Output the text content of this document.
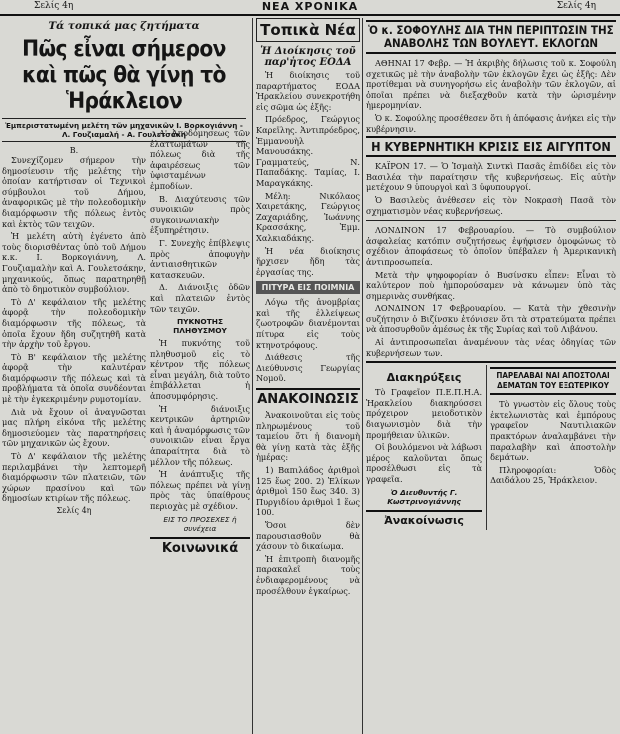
Σελίς 4η	ΝΕΑ ΧΡΟΝΙΚΑ	Σελίς 4η
Τά τοπικά μας ζητήματα
Πῶς εἶναι σήμερον καὶ πῶς θὰ γίνῃ τὸ Ἡράκλειον
Ἐμπεριστατωμένη μελέτη τῶν μηχανικῶν Ι. Βορκογιάννη - Λ. Γουζιαμαλή - Α. Γουλετσάκη
Β.

Συνεχίζομεν σήμερον τὴν δημοσίευσιν τῆς μελέτης τὴν ὁποίαν κατήρτισαν οἱ Τεχνικοὶ σύμβουλοι τοῦ Δήμου, ἀναφορικῶς μὲ τὴν πολεοδομικὴν διαμόρφωσιν τῆς πόλεως ἐντὸς καὶ ἐκτὸς τῶν τειχῶν.

Ἡ μελέτη αὐτὴ ἐγένετο ἀπὸ τοὺς διορισθέντας ὑπὸ τοῦ Δήμου κ.κ. Ι. Βορκογιάννη, Λ. Γουζιαμαλὴν καὶ Α. Γουλετσάκην, μηχανικούς, ὅπως παρατηρηθῇ ἀπὸ τὸ δημοτικὸν συμβούλιον.

Τὸ Δ' κεφάλαιον τῆς μελέτης ἀφορᾷ τὴν πολεοδομικὴν διαμόρφωσιν τῆς πόλεως, τὰ ὁποῖα ἔχουν ἤδη συζητηθῆ κατὰ τὴν ἀρχὴν τοῦ ἔργου.

Τὸ Β' κεφάλαιον τῆς μελέτης ἀφορᾷ τὴν καλυτέραν διαμόρφωσιν τῆς πόλεως καὶ τὰ προβλήματα τὰ ὁποῖα συνδέονται μὲ τὴν ἐγκεκριμένην ρυμοτομίαν.

Διὰ νὰ ἔχουν οἱ ἀναγνῶσται μας πλήρη εἰκόνα τῆς μελέτης δημοσιεύομεν τὰς παρατηρήσεις τῶν μηχανικῶν ὡς ἔχουν.

Τὸ Δ' κεφάλαιον τῆς μελέτης περιλαμβάνει τὴν λεπτομερῆ διαμόρφωσιν τῶν πλατειῶν, τῶν χώρων πρασίνου καὶ τῶν δημοσίων κτιρίων τῆς πόλεως.

Σελίς 4η

Α' Ἀποδόμησεως τῶν ἐλαττωμάτων τῆς πόλεως διὰ τῆς ἀφαιρέσεως τῶν ὑφισταμένων ἐμποδίων.

Β. Διαχύτευσις τῶν συνοικιῶν πρὸς συγκοινωνιακὴν ἐξυπηρέτησιν.

Γ. Συνεχὴς ἐπίβλεψις πρὸς ἀποφυγὴν ἀντιαισθητικῶν κατασκευῶν.

Δ. Διάνοιξις ὁδῶν καὶ πλατειῶν ἐντὸς τῶν τειχῶν.

ΠΥΚΝΟΤΗΣ ΠΛΗΘΥΣΜΟΥ

Ἡ πυκνότης τοῦ πληθυσμοῦ εἰς τὸ κέντρον τῆς πόλεως εἶναι μεγάλη, διὰ τοῦτο ἐπιβάλλεται ἡ ἀποσυμφόρησις.

Ἡ διάνοιξις κεντρικῶν ἀρτηριῶν καὶ ἡ ἀναμόρφωσις τῶν συνοικιῶν εἶναι ἔργα ἀπαραίτητα διὰ τὸ μέλλον τῆς πόλεως.

Ἡ ἀνάπτυξις τῆς πόλεως πρέπει νὰ γίνῃ πρὸς τὰς ὑπαίθρους περιοχὰς μὲ σχέδιον.

ΕΙΣ ΤΟ ΠΡΟΣΕΧΕΣ ἡ συνέχεια
Κοινωνικά
Τοπικὰ Νέα
Ἡ Διοίκησις τοῦ παρ'ἡτος ΕΟΔΑ

Ἡ διοίκησις τοῦ παραρτήματος ΕΟΔΑ Ἡρακλείου συνεκροτήθη εἰς σῶμα ὡς ἑξῆς:

Πρόεδρος, Γεώργιος Καρεϊλης. Ἀντιπρόεδρος, Ἐμμανουὴλ Μανουσάκης. Γραμματεύς, Ν. Παπαδάκης. Ταμίας, Ι. Μαραγκάκης.

Μέλη: Νικόλαος Χαιρετάκης, Γεώργιος Ζαχαριάδης, Ἰωάννης Κρασσάκης, Ἐμμ. Χαλκιαδάκης.

Ἡ νέα διοίκησις ἤρχισεν ἤδη τὰς ἐργασίας της.

ΠΙΤΥΡΑ ΕΙΣ ΠΟΙΜΝΙΑ

Λόγω τῆς ἀνομβρίας καὶ τῆς ἐλλείψεως ζωοτροφῶν διανέμονται πίτυρα εἰς τοὺς κτηνοτρόφους.

Διάθεσις τῆς Διεύθυνσις Γεωργίας Νομοῦ.

ΑΝΑΚΟΙΝΩΣΙΣ

Ἀνακοινοῦται εἰς τοὺς πληρωμένους τοῦ ταμείου ὅτι ἡ διανομὴ θὰ γίνῃ κατὰ τὰς ἑξῆς ἡμέρας:

1) Βαπιλάδος ἀριθμοὶ 125 ἕως 200. 2) Ἐλίκων ἀριθμοὶ 150 ἕως 340. 3) Πυργιδίου ἀριθμοὶ 1 ἕως 100.

Ὅσοι δὲν παρουσιασθοῦν θὰ χάσουν τὸ δικαίωμα.

Ἡ ἐπιτροπὴ διανομῆς παρακαλεῖ τοὺς ἐνδιαφερομένους νὰ προσέλθουν ἐγκαίρως.

Ὁ κ. ΣΟΦΟΥΛΗΣ ΔΙΑ ΤΗΝ ΠΕΡΙΠΤΩΣΙΝ ΤΗΣ ΑΝΑΒΟΛΗΣ ΤΩΝ ΒΟΥΛΕΥΤ. ΕΚΛΟΓΩΝ

ΑΘΗΝΑΙ 17 Φεβρ. — Ἡ ἀκριβὴς δήλωσις τοῦ κ. Σοφούλη σχετικῶς μὲ τὴν ἀναβολὴν τῶν ἐκλογῶν ἔχει ὡς ἑξῆς: Δὲν προτίθεμαι νὰ συνηγορήσω εἰς ἀναβολὴν τῶν ἐκλογῶν, αἱ ὁποῖαι πρέπει νὰ διεξαχθοῦν κατὰ τὴν ὡρισμένην ἡμερομηνίαν.

Ὁ κ. Σοφούλης προσέθεσεν ὅτι ἡ ἀπόφασις ἀνήκει εἰς τὴν κυβέρνησιν.

Η ΚΥΒΕΡΝΗΤΙΚΗ ΚΡΙΣΙΣ ΕΙΣ ΑΙΓΥΠΤΟΝ

ΚΑΪΡΟΝ 17. — Ὁ Ἰσμαὴλ Σιντκὶ Πασᾶς ἐπιδίδει εἰς τὸν Βασιλέα τὴν παραίτησιν τῆς κυβερνήσεως. Εἰς αὐτὴν μετέχουν 9 ὑπουργοὶ καὶ 3 ὑφυπουργοί.

Ὁ Βασιλεὺς ἀνέθεσεν εἰς τὸν Νοκρασὴ Πασᾶ τὸν σχηματισμὸν νέας κυβερνήσεως.

ΛΟΝΔΙΝΟΝ 17 Φεβρουαρίου. — Τὸ συμβούλιον ἀσφαλείας κατόπιν συζητήσεως ἐψήφισεν ὁμοφώνως τὸ σχέδιον ἀποφάσεως τὸ ὁποῖον ὑπέβαλεν ἡ Ἀμερικανικὴ ἀντιπροσωπεία.

Μετὰ τὴν ψηφοφορίαν ὁ Βυσίνσκυ εἶπεν: Εἶναι τὸ καλύτερον ποὺ ἠμπορούσαμεν νὰ κάνωμεν ὑπὸ τὰς σημερινὰς συνθήκας.

ΛΟΝΔΙΝΟΝ 17 Φεβρουαρίου. — Κατὰ τὴν χθεσινὴν συζήτησιν ὁ Βιζίνσκυ ἐτόνισεν ὅτι τὰ στρατεύματα πρέπει νὰ ἀποσυρθοῦν ἀμέσως ἐκ τῆς Συρίας καὶ τοῦ Λιβάνου.

Αἱ ἀντιπροσωπεῖαι ἀναμένουν τὰς νέας ὁδηγίας τῶν κυβερνήσεων των.

Διακηρύξεις

Τὸ Γραφεῖον Π.Ε.Π.Η.Α. Ἡρακλείου διακηρύσσει πρόχειρον μειοδοτικὸν διαγωνισμὸν διὰ τὴν προμήθειαν ὑλικῶν.

Οἱ βουλόμενοι νὰ λάβωσι μέρος καλοῦνται ὅπως προσέλθωσι εἰς τὰ γραφεῖα.

Ὁ Διευθυντής Γ. Κωστρινογιάννης
Ἀνακοίνωσις
ΠΑΡΕΛΑΒΑΙ ΝΑΙ ΑΠΟΣΤΟΛΑΙ ΔΕΜΑΤΩΝ ΤΟΥ ΕΞΩΤΕΡΙΚΟΥ

Τὸ γνωστὸν εἰς ὅλους τοὺς ἐκτελωνιστὰς καὶ ἐμπόρους γραφεῖον Ναυτιλιακῶν πρακτόρων ἀναλαμβάνει τὴν παραλαβὴν καὶ ἀποστολὴν δεμάτων.

Πληροφορίαι: Ὁδὸς Δαιδάλου 25, Ἡράκλειον.
